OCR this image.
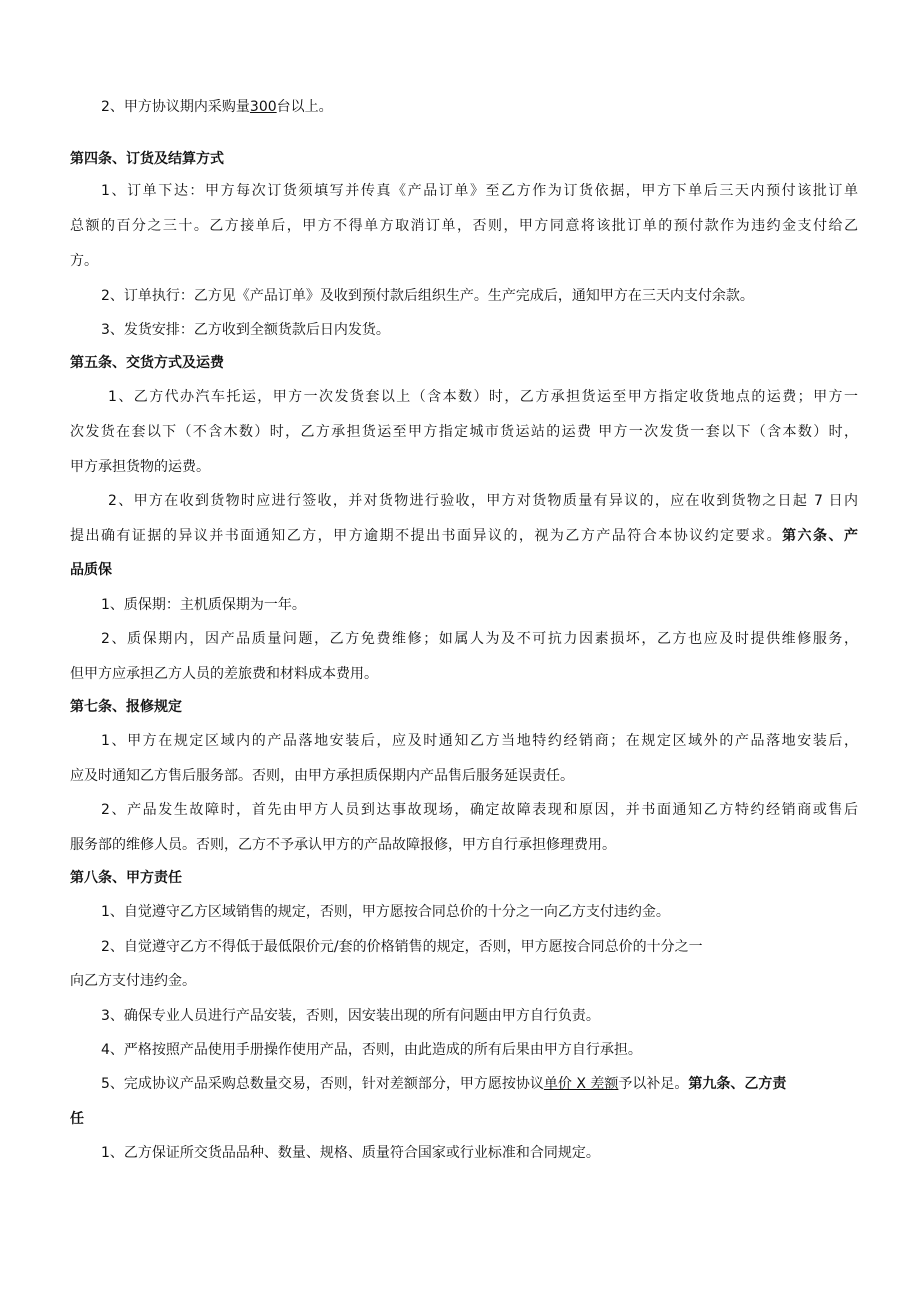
2、甲方协议期内采购量300台以上。
第四条、订货及结算方式
1、订单下达：甲方每次订货须填写并传真《产品订单》至乙方作为订货依据，甲方下单后三天内预付该批订单
总额的百分之三十。乙方接单后，甲方不得单方取消订单，否则，甲方同意将该批订单的预付款作为违约金支付给乙
方。
2、订单执行：乙方见《产品订单》及收到预付款后组织生产。生产完成后，通知甲方在三天内支付余款。
3、发货安排：乙方收到全额货款后日内发货。
第五条、交货方式及运费
1、乙方代办汽车托运，甲方一次发货套以上（含本数）时，乙方承担货运至甲方指定收货地点的运费；甲方一
次发货在套以下（不含木数）时，乙方承担货运至甲方指定城市货运站的运费 甲方一次发货一套以下（含本数）时，
甲方承担货物的运费。
2、甲方在收到货物时应进行签收，并对货物进行验收，甲方对货物质量有异议的，应在收到货物之日起 7 日内
提出确有证据的异议并书面通知乙方，甲方逾期不提出书面异议的，视为乙方产品符合本协议约定要求。第六条、产
品质保
1、质保期：主机质保期为一年。
2、质保期内，因产品质量问题，乙方免费维修；如属人为及不可抗力因素损坏，乙方也应及时提供维修服务，
但甲方应承担乙方人员的差旅费和材料成本费用。
第七条、报修规定
1、甲方在规定区域内的产品落地安装后，应及时通知乙方当地特约经销商；在规定区域外的产品落地安装后，
应及时通知乙方售后服务部。否则，由甲方承担质保期内产品售后服务延误责任。
2、产品发生故障时，首先由甲方人员到达事故现场，确定故障表现和原因，并书面通知乙方特约经销商或售后
服务部的维修人员。否则，乙方不予承认甲方的产品故障报修，甲方自行承担修理费用。
第八条、甲方责任
1、自觉遵守乙方区域销售的规定，否则，甲方愿按合同总价的十分之一向乙方支付违约金。
2、自觉遵守乙方不得低于最低限价元/套的价格销售的规定，否则，甲方愿按合同总价的十分之一
向乙方支付违约金。
3、确保专业人员进行产品安装，否则，因安装出现的所有问题由甲方自行负责。
4、严格按照产品使用手册操作使用产品，否则，由此造成的所有后果由甲方自行承担。
5、完成协议产品采购总数量交易，否则，针对差额部分，甲方愿按协议单价 X 差额予以补足。第九条、乙方责
任
1、乙方保证所交货品品种、数量、规格、质量符合国家或行业标准和合同规定。
